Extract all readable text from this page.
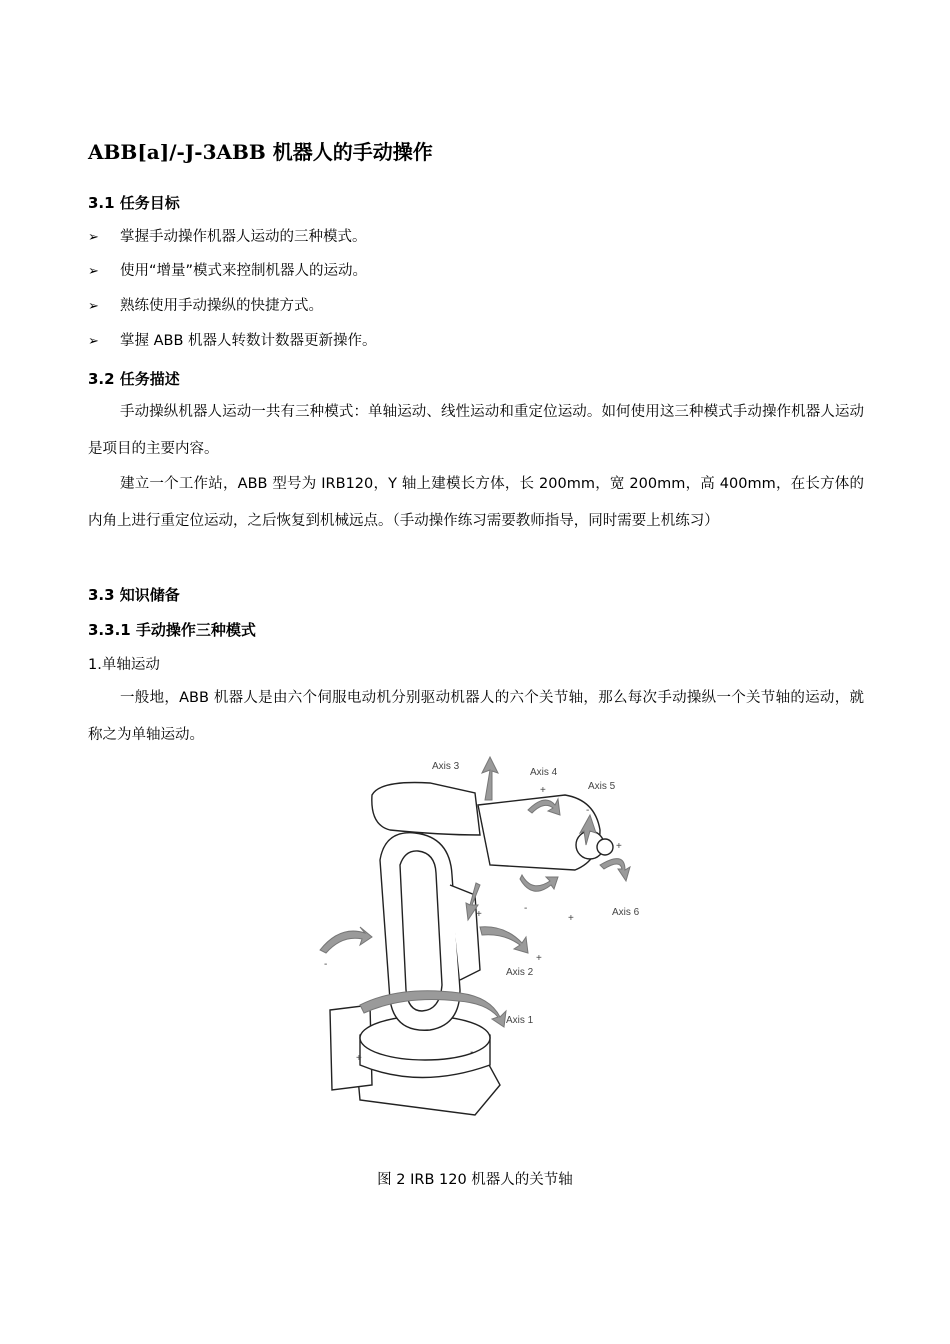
ABB[a]/-J-3ABB 机器人的手动操作
3.1 任务目标
➢ 掌握手动操作机器人运动的三种模式。
➢ 使用“增量”模式来控制机器人的运动。
➢ 熟练使用手动操纵的快捷方式。
➢ 掌握 ABB 机器人转数计数器更新操作。
3.2 任务描述
手动操纵机器人运动一共有三种模式：单轴运动、线性运动和重定位运动。如何使用这三种模式手动操作机器人运动是项目的主要内容。
建立一个工作站，ABB 型号为 IRB120，Y 轴上建模长方体，长 200mm，宽 200mm，高 400mm，在长方体的内角上进行重定位运动，之后恢复到机械远点。（手动操作练习需要教师指导，同时需要上机练习）
3.3 知识储备
3.3.1 手动操作三种模式
1.单轴运动
一般地，ABB 机器人是由六个伺服电动机分别驱动机器人的六个关节轴，那么每次手动操纵一个关节轴的运动，就称之为单轴运动。
Axis 3
Axis 4
Axis 5
Axis 6
Axis 2
Axis 1
+
-
+
+
-
+
-
+
+
-
图 2 IRB 120 机器人的关节轴
